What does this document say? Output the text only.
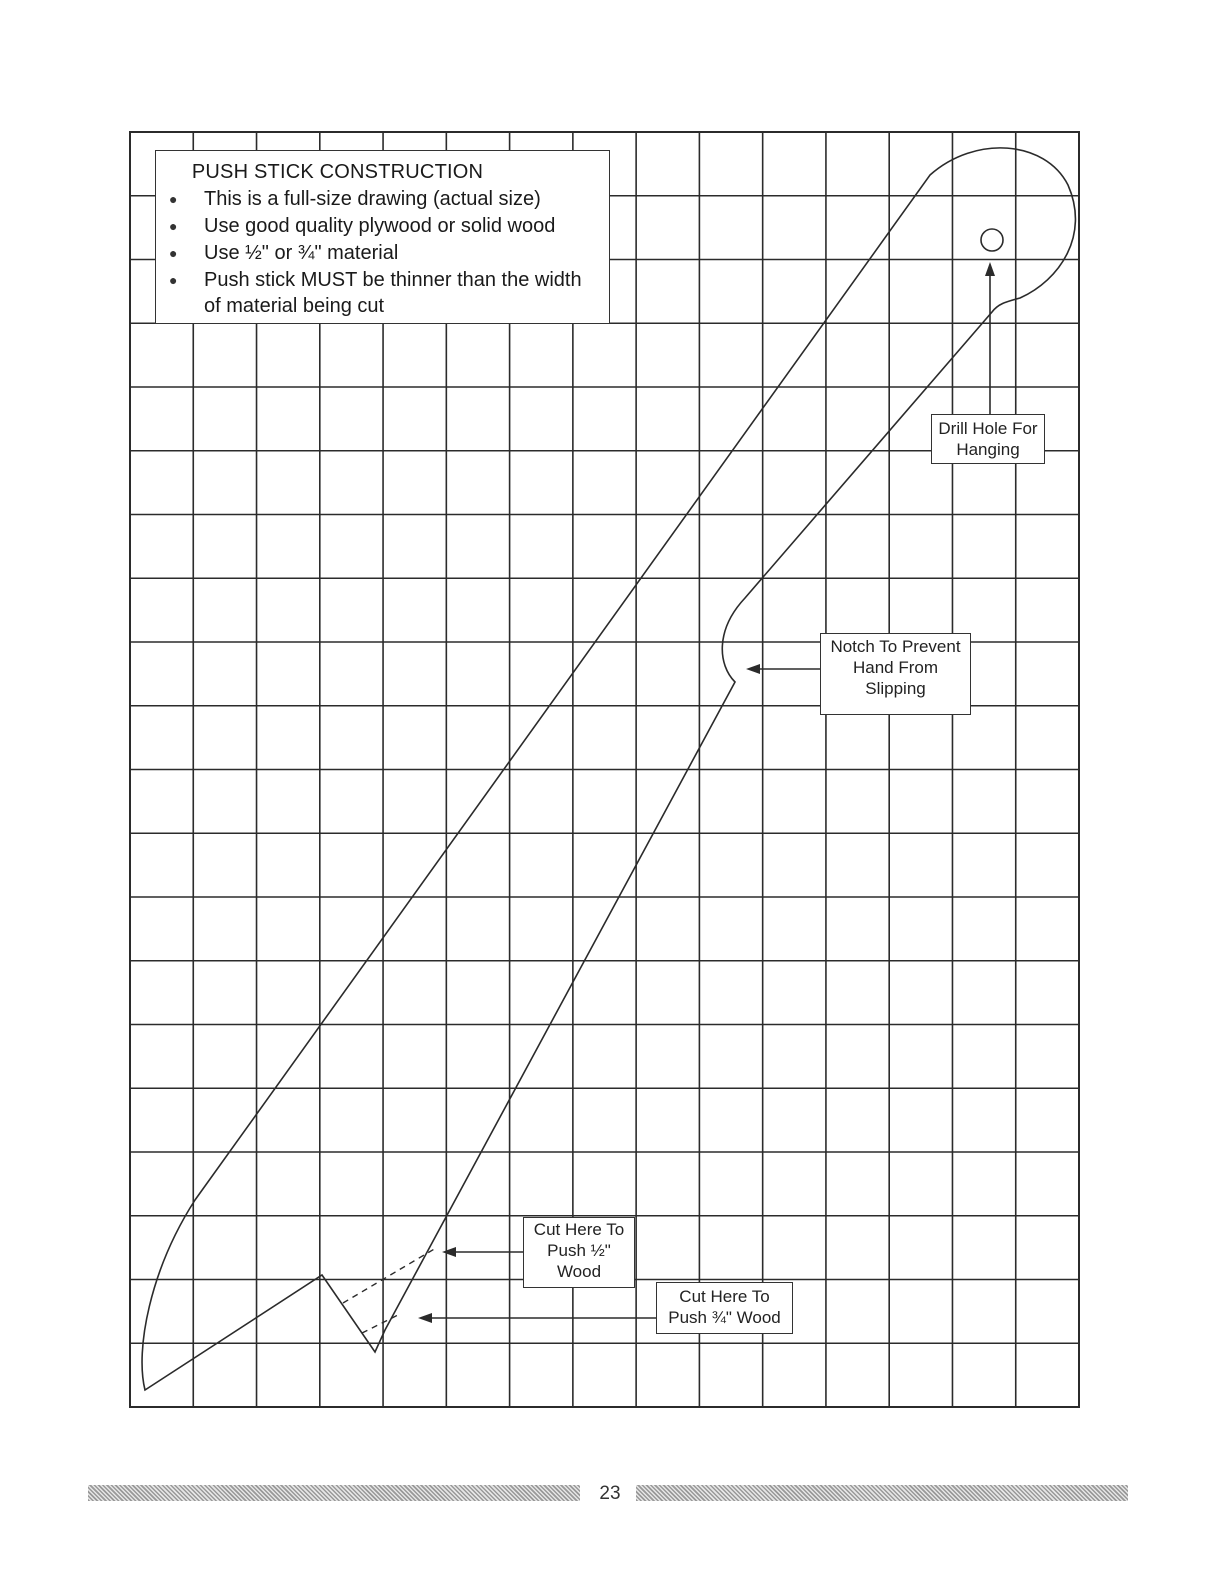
PUSH STICK CONSTRUCTION
● This is a full-size drawing (actual size)
● Use good quality plywood or solid wood
● Use ½" or ¾" material
● Push stick MUST be thinner than the width of material being cut
Drill Hole For
Hanging
Notch To Prevent
Hand From
Slipping
Cut Here To
Push ½"
Wood
Cut Here To
Push ¾" Wood
23
